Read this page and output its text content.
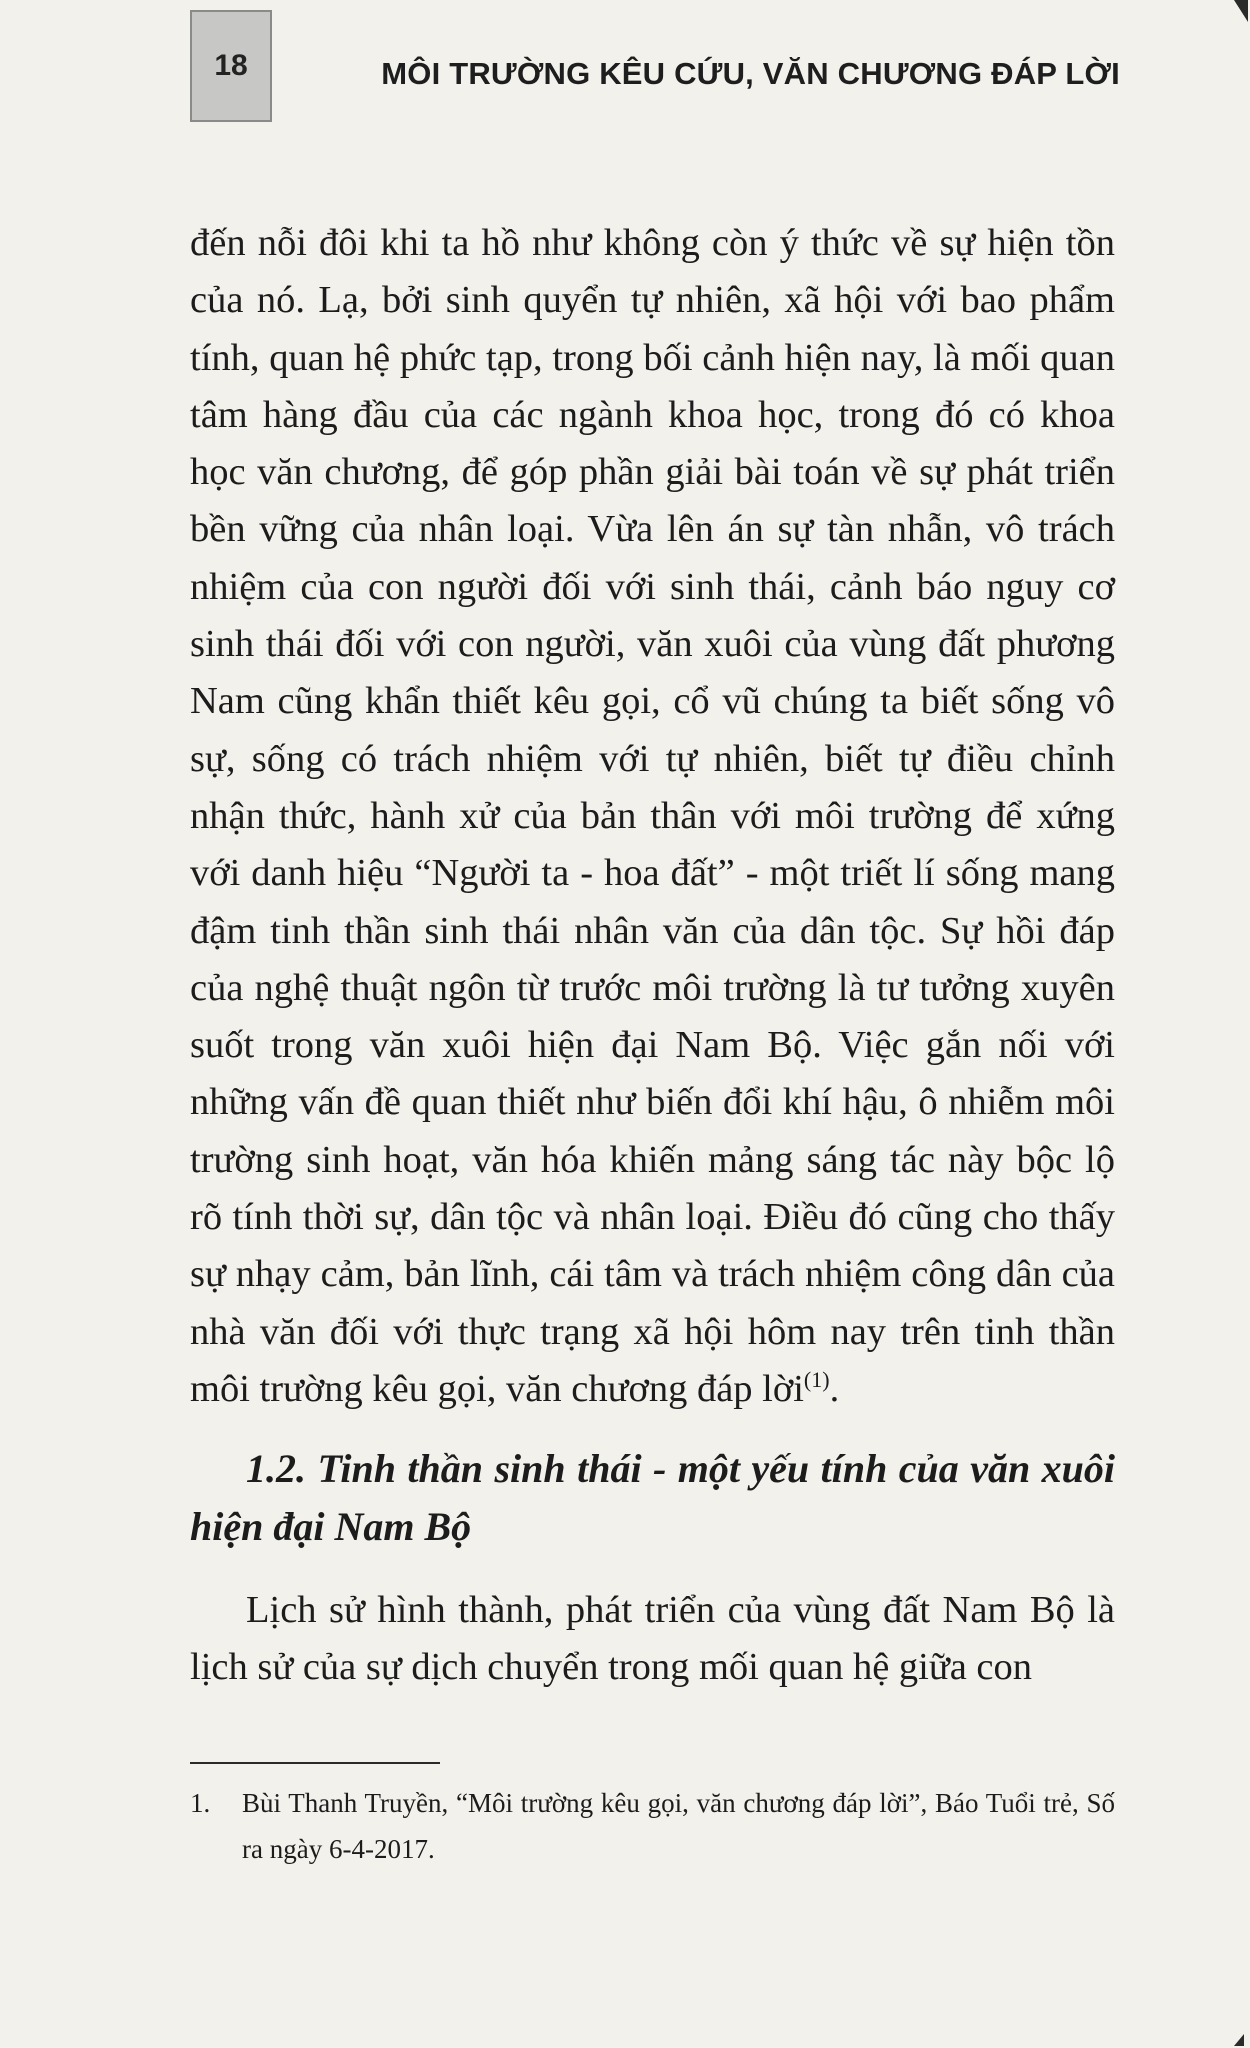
18	MÔI TRƯỜNG KÊU CỨU, VĂN CHƯƠNG ĐÁP LỜI

đến nỗi đôi khi ta hồ như không còn ý thức về sự hiện tồn của nó. Lạ, bởi sinh quyển tự nhiên, xã hội với bao phẩm tính, quan hệ phức tạp, trong bối cảnh hiện nay, là mối quan tâm hàng đầu của các ngành khoa học, trong đó có khoa học văn chương, để góp phần giải bài toán về sự phát triển bền vững của nhân loại. Vừa lên án sự tàn nhẫn, vô trách nhiệm của con người đối với sinh thái, cảnh báo nguy cơ sinh thái đối với con người, văn xuôi của vùng đất phương Nam cũng khẩn thiết kêu gọi, cổ vũ chúng ta biết sống vô sự, sống có trách nhiệm với tự nhiên, biết tự điều chỉnh nhận thức, hành xử của bản thân với môi trường để xứng với danh hiệu “Người ta - hoa đất” - một triết lí sống mang đậm tinh thần sinh thái nhân văn của dân tộc. Sự hồi đáp của nghệ thuật ngôn từ trước môi trường là tư tưởng xuyên suốt trong văn xuôi hiện đại Nam Bộ. Việc gắn nối với những vấn đề quan thiết như biến đổi khí hậu, ô nhiễm môi trường sinh hoạt, văn hóa khiến mảng sáng tác này bộc lộ rõ tính thời sự, dân tộc và nhân loại. Điều đó cũng cho thấy sự nhạy cảm, bản lĩnh, cái tâm và trách nhiệm công dân của nhà văn đối với thực trạng xã hội hôm nay trên tinh thần môi trường kêu gọi, văn chương đáp lời$^{(1)}$.

1.2. Tinh thần sinh thái - một yếu tính của văn xuôi hiện đại Nam Bộ
Lịch sử hình thành, phát triển của vùng đất Nam Bộ là lịch sử của sự dịch chuyển trong mối quan hệ giữa con
1.	Bùi Thanh Truyền, “Môi trường kêu gọi, văn chương đáp lời”, Báo Tuổi trẻ, Số ra ngày 6-4-2017.
